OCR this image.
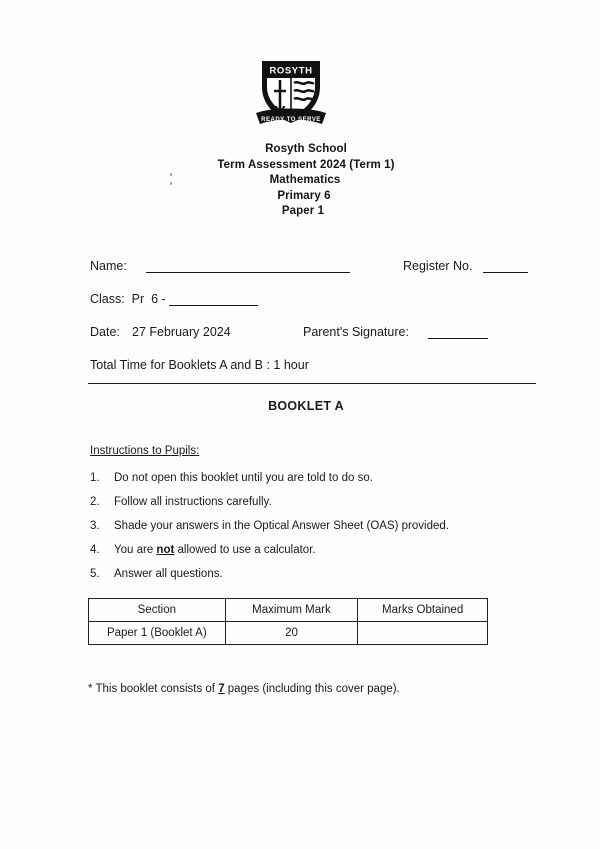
ROSYTH
READY TO SERVE
Rosyth School
Term Assessment 2024 (Term 1)
Mathematics
Primary 6
Paper 1
Name:	Register No.
Class:  Pr  6 -
Date: 27 February 2024	Parent's Signature:
Total Time for Booklets A and B : 1 hour
BOOKLET A
Instructions to Pupils:
1.	Do not open this booklet until you are told to do so.
2.	Follow all instructions carefully.
3.	Shade your answers in the Optical Answer Sheet (OAS) provided.
4.	You are not allowed to use a calculator.
5.	Answer all questions.
Section	Maximum Mark	Marks Obtained
Paper 1 (Booklet A)	20	
* This booklet consists of 7 pages (including this cover page).
